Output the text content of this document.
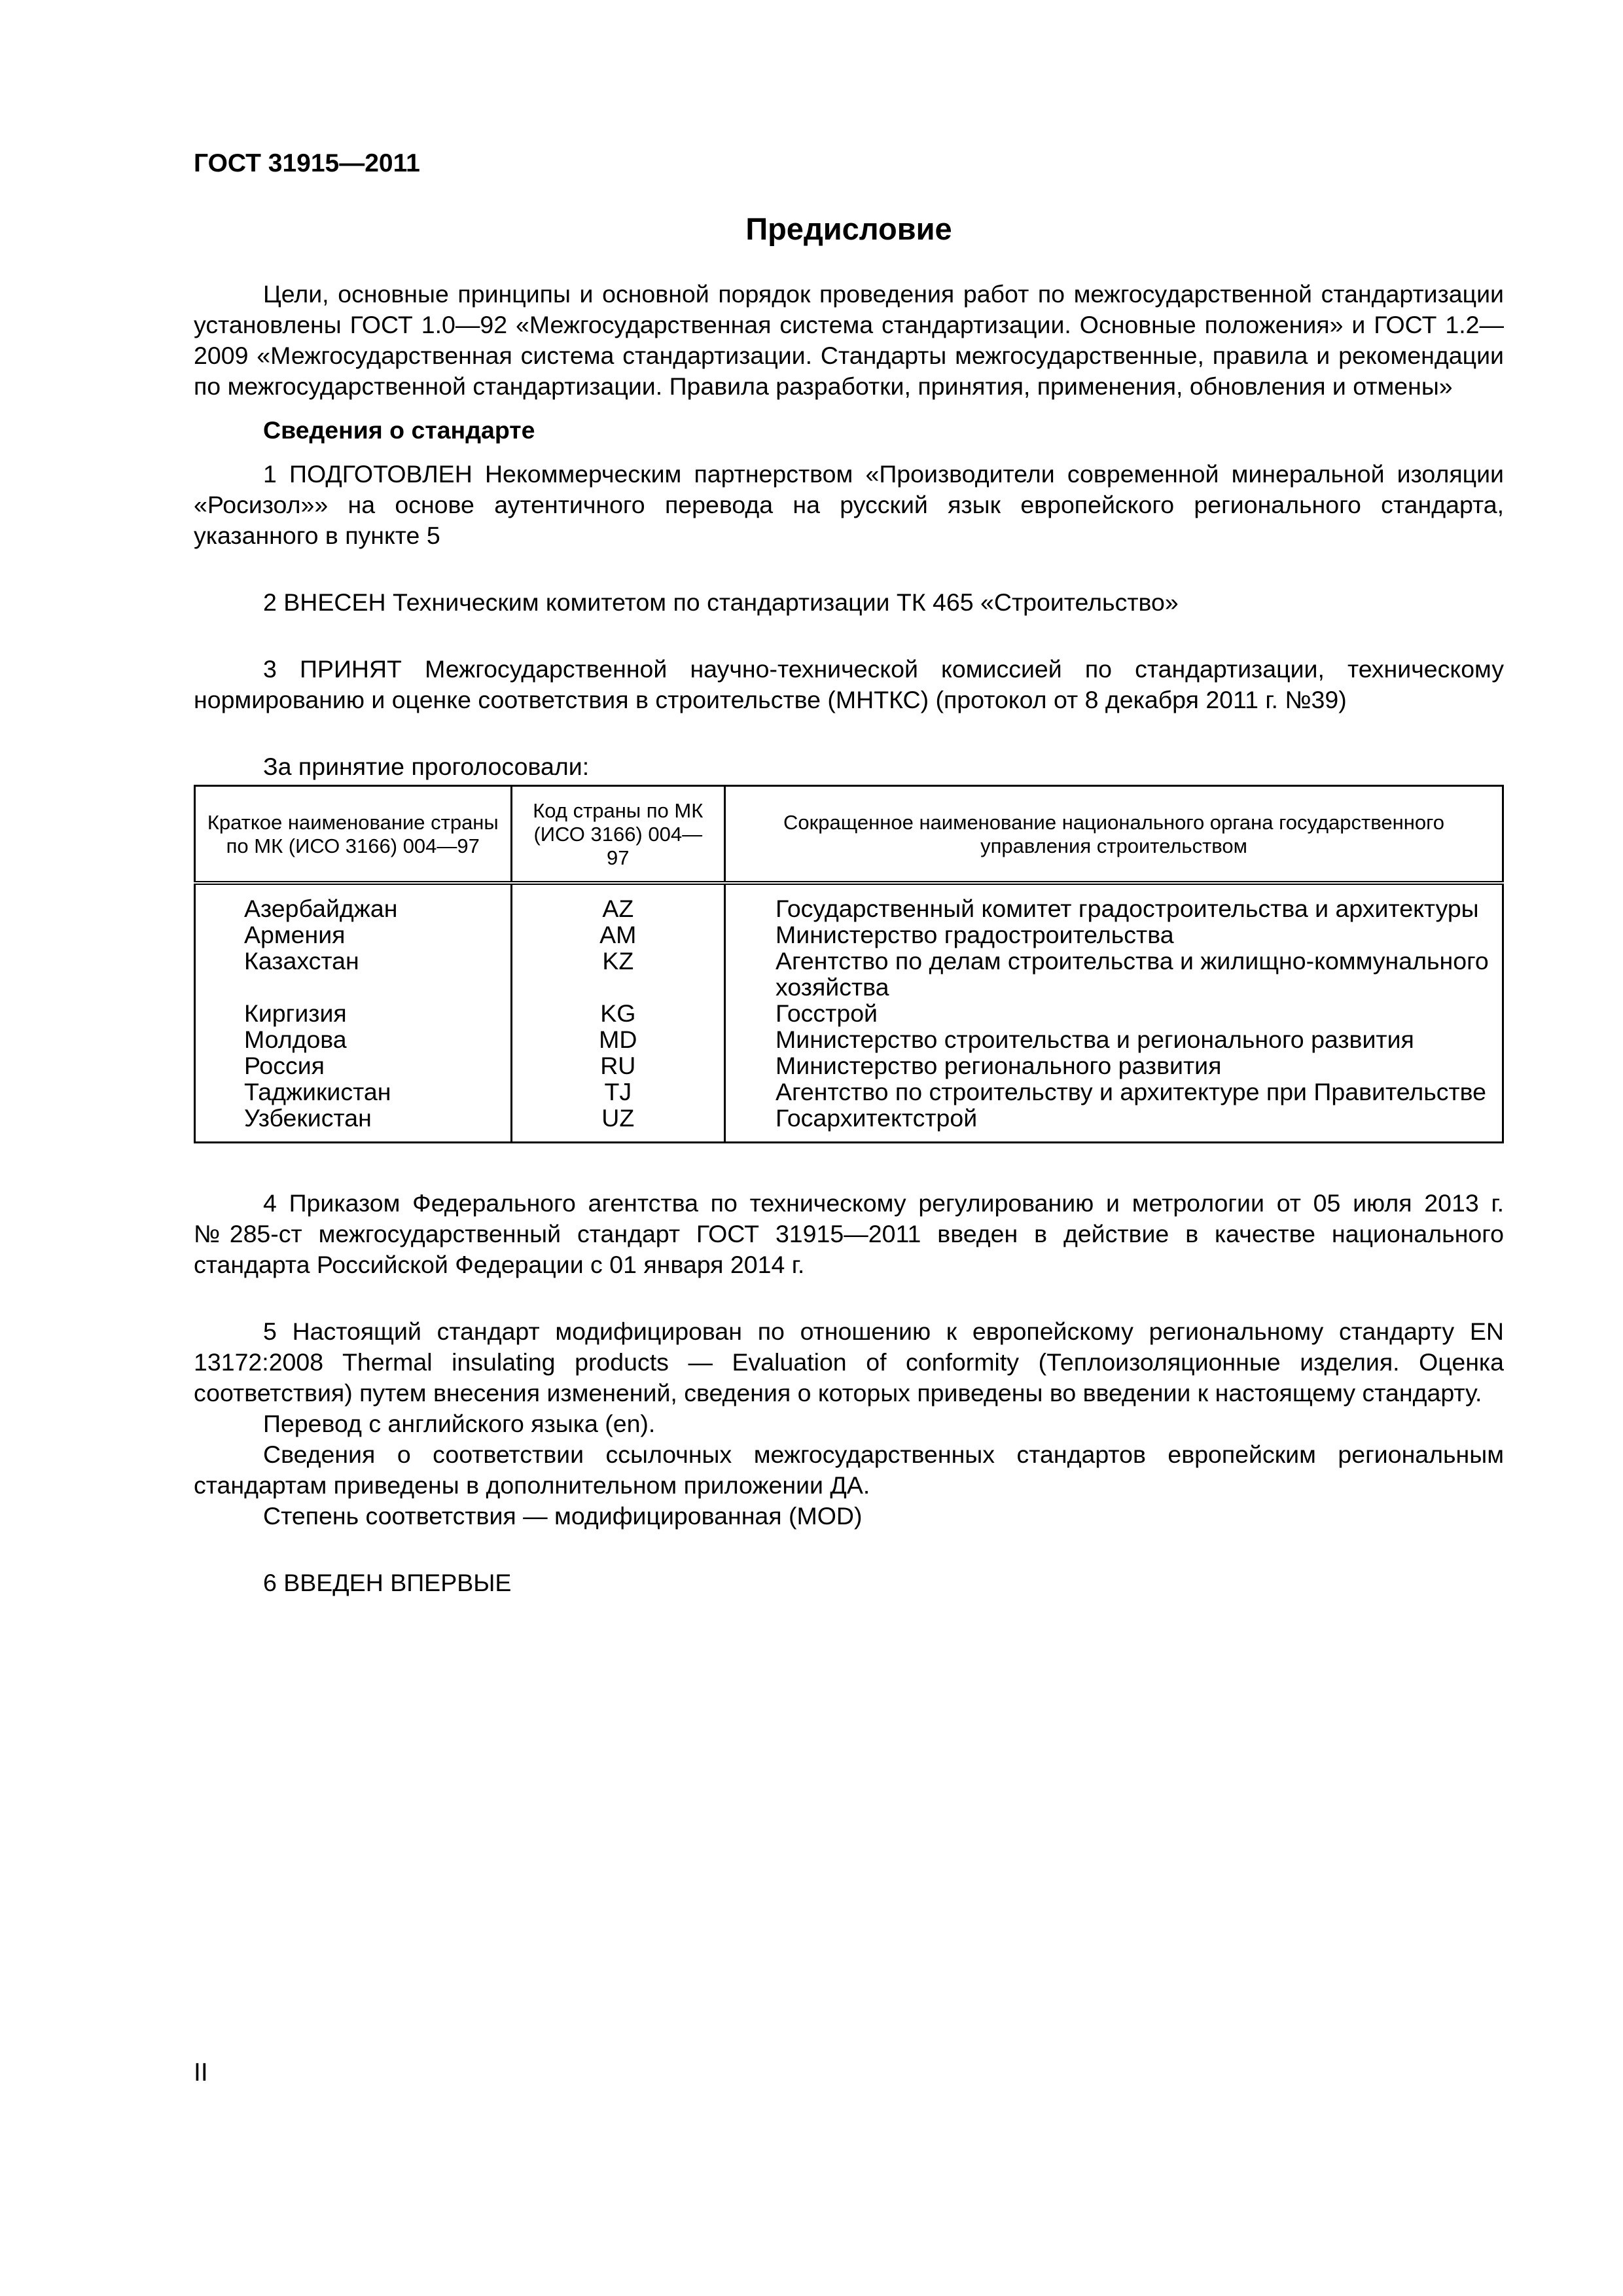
ГОСТ 31915—2011
Предисловие

Цели, основные принципы и основной порядок проведения работ по межгосударственной стандартизации установлены ГОСТ 1.0—92 «Межгосударственная система стандартизации. Основные положения» и ГОСТ 1.2—2009 «Межгосударственная система стандартизации. Стандарты межгосударственные, правила и рекомендации по межгосударственной стандартизации. Правила разработки, принятия, применения, обновления и отмены»

Сведения о стандарте

1 ПОДГОТОВЛЕН Некоммерческим партнерством «Производители современной минеральной изоляции «Росизол»» на основе аутентичного перевода на русский язык европейского регионального стандарта, указанного в пункте 5

2 ВНЕСЕН Техническим комитетом по стандартизации ТК 465 «Строительство»

3 ПРИНЯТ Межгосударственной научно-технической комиссией по стандартизации, техническому нормированию и оценке соответствия в строительстве (МНТКС) (протокол от 8 декабря 2011 г. №39)

За принятие проголосовали:

Краткое наименование страны по МК (ИСО 3166) 004—97	Код страны по МК (ИСО 3166) 004—97	Сокращенное наименование национального органа государственного управления строительством
Азербайджан	AZ	Государственный комитет градостроительства и архитектуры
Армения	AM	Министерство градостроительства
Казахстан	KZ	Агентство по делам строительства и жилищно-коммунального хозяйства
Киргизия	KG	Госстрой
Молдова	MD	Министерство строительства и регионального развития
Россия	RU	Министерство регионального развития
Таджикистан	TJ	Агентство по строительству и архитектуре при Правительстве
Узбекистан	UZ	Госархитектстрой

4 Приказом Федерального агентства по техническому регулированию и метрологии от 05 июля 2013 г. №285-ст межгосударственный стандарт ГОСТ 31915—2011 введен в действие в качестве национального стандарта Российской Федерации с 01 января 2014 г.

5 Настоящий стандарт модифицирован по отношению к европейскому региональному стандарту EN 13172:2008 Thermal insulating products — Evaluation of conformity (Теплоизоляционные изделия. Оценка соответствия) путем внесения изменений, сведения о которых приведены во введении к настоящему стандарту.

Перевод с английского языка (en).

Сведения о соответствии ссылочных межгосударственных стандартов европейским региональным стандартам приведены в дополнительном приложении ДА.

Степень соответствия — модифицированная (MOD)

6 ВВЕДЕН ВПЕРВЫЕ

II
